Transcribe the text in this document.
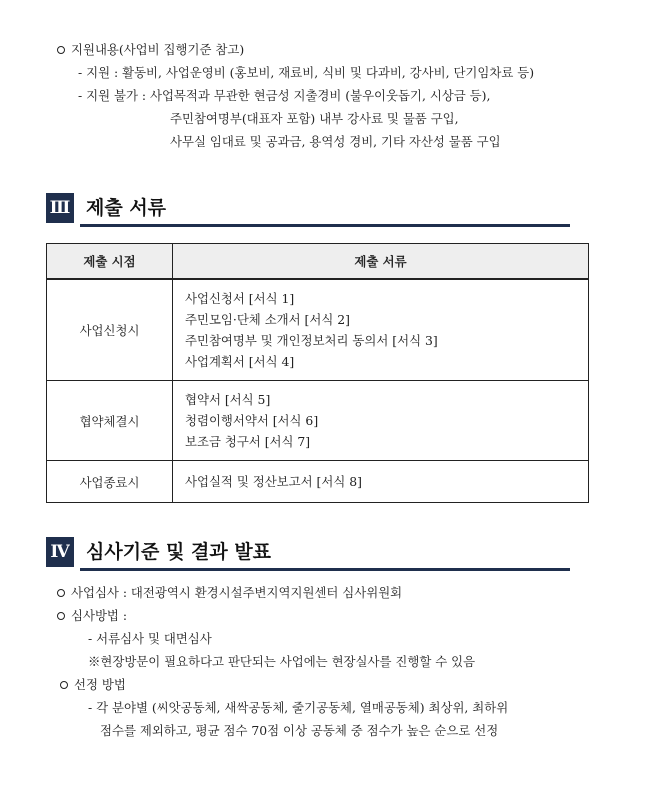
지원내용(사업비 집행기준 참고)
- 지원 : 활동비, 사업운영비 (홍보비, 재료비, 식비 및 다과비, 강사비, 단기임차료 등)
- 지원 불가 : 사업목적과 무관한 현금성 지출경비 (불우이웃돕기, 시상금 등),
주민참여명부(대표자 포함) 내부 강사료 및 물품 구입,
사무실 임대료 및 공과금, 용역성 경비, 기타 자산성 물품 구입
Ⅲ 제출 서류
제출 시점	제출 서류
사업신청시	사업신청서 [서식 1]
주민모임·단체 소개서 [서식 2]
주민참여명부 및 개인정보처리 동의서 [서식 3]
사업계획서 [서식 4]

협약체결시	협약서 [서식 5]
청렴이행서약서 [서식 6]
보조금 청구서 [서식 7]

사업종료시	사업실적 및 정산보고서 [서식 8]
Ⅳ 심사기준 및 결과 발표
사업심사 : 대전광역시 환경시설주변지역지원센터 심사위원회
심사방법 :
- 서류심사 및 대면심사
※현장방문이 필요하다고 판단되는 사업에는 현장실사를 진행할 수 있음
선정 방법
- 각 분야별 (씨앗공동체, 새싹공동체, 줄기공동체, 열매공동체) 최상위, 최하위
점수를 제외하고, 평균 점수 70점 이상 공동체 중 점수가 높은 순으로 선정
